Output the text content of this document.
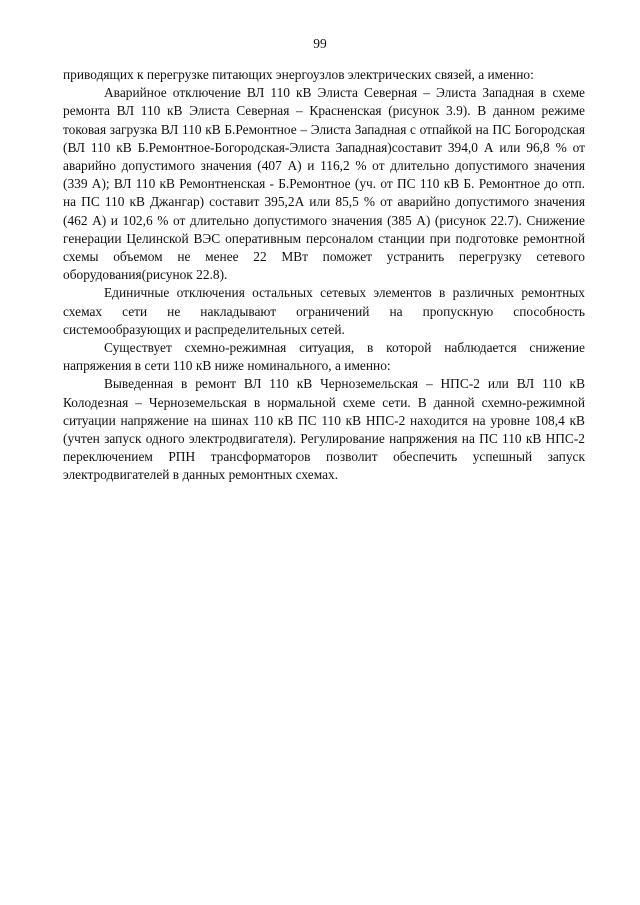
99

приводящих к перегрузке питающих энергоузлов электрических связей, а именно:

Аварийное отключение ВЛ 110 кВ Элиста Северная – Элиста Западная в схеме ремонта ВЛ 110 кВ Элиста Северная – Красненская (рисунок 3.9). В данном режиме токовая загрузка ВЛ 110 кВ Б.Ремонтное – Элиста Западная с отпайкой на ПС Богородская (ВЛ 110 кВ Б.Ремонтное-Богородская-Элиста Западная)составит 394,0 А или 96,8 % от аварийно допустимого значения (407 А) и 116,2 % от длительно допустимого значения (339 А); ВЛ 110 кВ Ремонтненская - Б.Ремонтное (уч. от ПС 110 кВ Б. Ремонтное до отп. на ПС 110 кВ Джангар) составит 395,2А или 85,5 % от аварийно допустимого значения (462 А) и 102,6 % от длительно допустимого значения (385 А) (рисунок 22.7). Снижение генерации Целинской ВЭС оперативным персоналом станции при подготовке ремонтной схемы объемом не менее 22 МВт поможет устранить перегрузку сетевого оборудования(рисунок 22.8).

Единичные отключения остальных сетевых элементов в различных ремонтных схемах сети не накладывают ограничений на пропускную способность системообразующих и распределительных сетей.

Существует схемно-режимная ситуация, в которой наблюдается снижение напряжения в сети 110 кВ ниже номинального, а именно:

Выведенная в ремонт ВЛ 110 кВ Черноземельская – НПС-2 или ВЛ 110 кВ Колодезная – Черноземельская в нормальной схеме сети. В данной схемно-режимной ситуации напряжение на шинах 110 кВ ПС 110 кВ НПС-2 находится на уровне 108,4 кВ (учтен запуск одного электродвигателя). Регулирование напряжения на ПС 110 кВ НПС-2 переключением РПН трансформаторов позволит обеспечить успешный запуск электродвигателей в данных ремонтных схемах.
